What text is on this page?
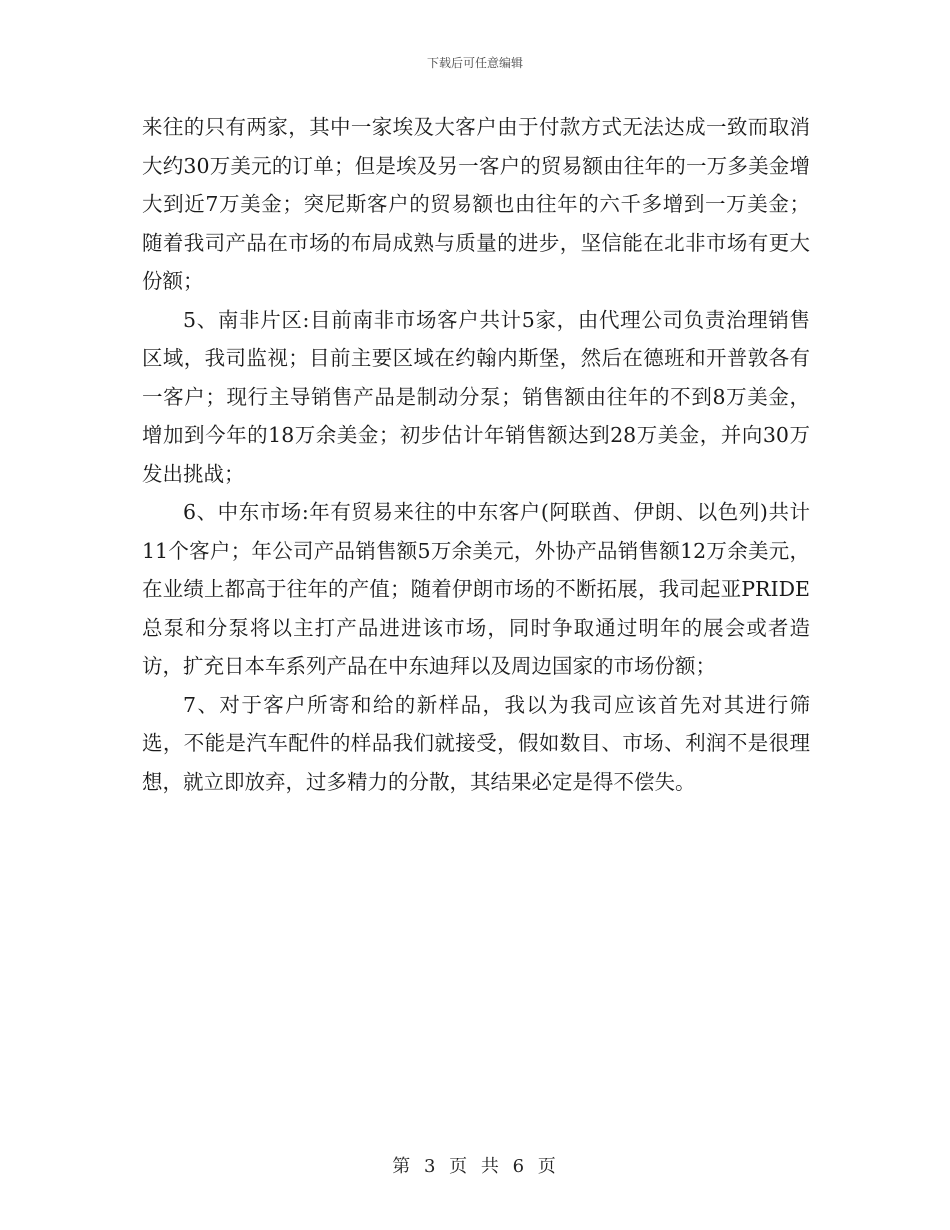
下载后可任意编辑

来往的只有两家，其中一家埃及大客户由于付款方式无法达成一致而取消大约30万美元的订单；但是埃及另一客户的贸易额由往年的一万多美金增大到近7万美金；突尼斯客户的贸易额也由往年的六千多增到一万美金；随着我司产品在市场的布局成熟与质量的进步，坚信能在北非市场有更大份额；

5、南非片区:目前南非市场客户共计5家，由代理公司负责治理销售区域，我司监视；目前主要区域在约翰内斯堡，然后在德班和开普敦各有一客户；现行主导销售产品是制动分泵；销售额由往年的不到8万美金，增加到今年的18万余美金；初步估计年销售额达到28万美金，并向30万发出挑战；

6、中东市场:年有贸易来往的中东客户(阿联酋、伊朗、以色列)共计11个客户；年公司产品销售额5万余美元，外协产品销售额12万余美元，在业绩上都高于往年的产值；随着伊朗市场的不断拓展，我司起亚PRIDE总泵和分泵将以主打产品进进该市场，同时争取通过明年的展会或者造访，扩充日本车系列产品在中东迪拜以及周边国家的市场份额；

7、对于客户所寄和给的新样品，我以为我司应该首先对其进行筛选，不能是汽车配件的样品我们就接受，假如数目、市场、利润不是很理想，就立即放弃，过多精力的分散，其结果必定是得不偿失。

第 3 页 共 6 页
